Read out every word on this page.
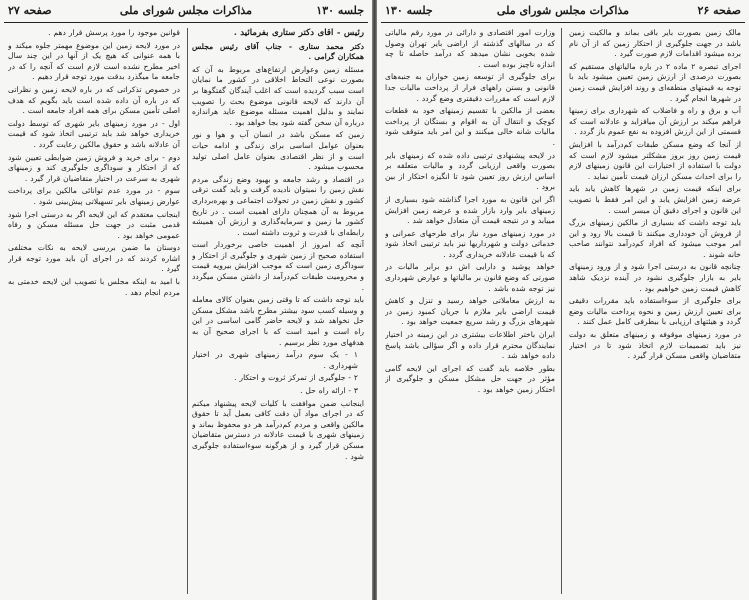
جلسه ۱۳۰
مذاکرات مجلس شورای ملی
صفحه ۲۷

رئیس - آقای دکتر ستاری بفرمائید .

دکتر محمد ستاری - جناب آقای رئیس مجلس همکاران گرامی .

مسئله زمین وعوارض ارتفاع‌های مربوط به آن که بصورت نوعی التحاط اخلاقی در کشور ما نمایان است سبب گردیده است که اغلب آیندگان گفتگوها بر آن دارند که لایحه قانونی موضوع بحث را تصویب نمایند و بدلیل اهمیت مسئله موضوع عاید هراندازه درباره آن سخن گفته شود بجا خواهد بود .

زمین که مسکن باشد در انسان آب و هوا و نور بعنوان عوامل اساسی برای زندگی و ادامه حیات است و از نظر اقتصادی بعنوان عامل اصلی تولید محسوب میشود .

در اقتصاد و رشد جامعه و بهبود وضع زندگی مردم نقش زمین را نمیتوان نادیده گرفت و باید گفت ترقی کشور و نقش زمین در تحولات اجتماعی و بهره‌برداری مربوط به آن همچنان دارای اهمیت است . در تاریخ کشور ما زمین و سرمایه‌گذاری و ارزش آن همیشه رابطه‌ای با قدرت و ثروت داشته است .

آنچه که امروز از اهمیت خاصی برخوردار است استفاده صحیح از زمین شهری و جلوگیری از احتکار و سوداگری زمین است که موجب افزایش بیرویه قیمت و محرومیت طبقات کم‌درآمد از داشتن مسکن میگردد .

باید توجه داشت که تا وقتی زمین بعنوان کالای معامله و وسیله کسب سود بیشتر مطرح باشد مشکل مسکن حل نخواهد شد و لایحه حاضر گامی اساسی در این راه است و امید است که با اجرای صحیح آن به هدفهای مورد نظر برسیم .

۱ - یک سوم درآمد زمینهای شهری در اختیار شهرداری .

۲ - جلوگیری از تمرکز ثروت و احتکار .

۳ - ارائه راه حل .

اینجانب ضمن موافقت با کلیات لایحه پیشنهاد میکنم که در اجرای مواد آن دقت کافی بعمل آید تا حقوق مالکین واقعی و مردم کم‌درآمد هر دو محفوظ بماند و زمینهای شهری با قیمت عادلانه در دسترس متقاضیان مسکن قرار گیرد و از هرگونه سوءاستفاده جلوگیری شود .

قوانین موجود را مورد پرسش قرار دهم .

در مورد لایحه زمین این موضوع مهمتر جلوه میکند و با همه عنوانی که هیچ یک از آنها در این چند سال اخیر مطرح نشده است لازم است که آنچه را که در جامعه ما میگذرد بدقت مورد توجه قرار دهیم .

در خصوص تذکراتی که در باره لایحه زمین و نظراتی که در باره آن داده شده است باید بگویم که هدف اصلی تأمین مسکن برای همه افراد جامعه است .

اول - در مورد زمینهای بایر شهری که توسط دولت خریداری خواهد شد باید ترتیبی اتخاذ شود که قیمت آن عادلانه باشد و حقوق مالکین رعایت گردد .

دوم - برای خرید و فروش زمین ضوابطی تعیین شود که از احتکار و سوداگری جلوگیری کند و زمینهای شهری به سرعت در اختیار متقاضیان قرار گیرد .

سوم - در مورد عدم توانائی مالکین برای پرداخت عوارض زمینهای بایر تسهیلاتی پیش‌بینی شود .

اینجانب معتقدم که این لایحه اگر به درستی اجرا شود قدمی مثبت در جهت حل مسئله مسکن و رفاه عمومی خواهد بود .

دوستان ما ضمن بررسی لایحه به نکات مختلفی اشاره کردند که در اجرای آن باید مورد توجه قرار گیرد .

با امید به اینکه مجلس با تصویب این لایحه خدمتی به مردم انجام دهد .

صفحه ۲۶
مذاکرات مجلس شورای ملی
جلسه ۱۳۰

مالک زمین بصورت بایر باقی بماند و مالکیت زمین باشد در جهت جلوگیری از احتکار زمین که از آن نام برده میشود اقدامات لازم صورت گیرد .

اجرای تبصره ۲ ماده ۲ در باره مالیاتهای مستقیم که بصورت درصدی از ارزش زمین تعیین میشود باید با توجه به قیمتهای منطقه‌ای و روند افزایش قیمت زمین در شهرها انجام گیرد .

آب و برق و راه و فاضلاب که شهرداری برای زمینها فراهم میکند بر ارزش آن میافزاید و عادلانه است که قسمتی از این ارزش افزوده به نفع عموم باز گردد .

از آنجا که وضع مسکن طبقات کم‌درآمد با افزایش قیمت زمین روز بروز مشکلتر میشود لازم است که دولت با استفاده از اختیارات این قانون زمینهای لازم را برای احداث مسکن ارزان قیمت تأمین نماید .

برای اینکه قیمت زمین در شهرها کاهش یابد باید عرضه زمین افزایش یابد و این امر فقط با تصویب این قانون و اجرای دقیق آن میسر است .

باید توجه داشت که بسیاری از مالکین زمینهای بزرگ از فروش آن خودداری میکنند تا قیمت بالا رود و این امر موجب میشود که افراد کم‌درآمد نتوانند صاحب خانه شوند .

چنانچه قانون به درستی اجرا شود و از ورود زمینهای بایر به بازار جلوگیری نشود در آینده نزدیک شاهد کاهش قیمت زمین خواهیم بود .

برای جلوگیری از سوءاستفاده باید مقررات دقیقی برای تعیین ارزش زمین و نحوه پرداخت مالیات وضع گردد و هیئتهای ارزیابی با بیطرفی کامل عمل کنند .

در مورد زمینهای موقوفه و زمینهای متعلق به دولت نیز باید تصمیمات لازم اتخاذ شود تا در اختیار متقاضیان واقعی مسکن قرار گیرد .

وزارت امور اقتصادی و دارائی در مورد رقم مالیاتی که در سالهای گذشته از اراضی بایر تهران وصول شده بخوبی نشان میدهد که درآمد حاصله تا چه اندازه ناچیز بوده است .

برای جلوگیری از توسعه زمین خواران به جنبه‌های قانونی و بستن راههای فرار از پرداخت مالیات جدا لازم است که مقررات دقیقتری وضع گردد .

بعضی از مالکین با تقسیم زمینهای خود به قطعات کوچک و انتقال آن به اقوام و بستگان از پرداخت مالیات شانه خالی میکنند و این امر باید متوقف شود .

در لایحه پیشنهادی ترتیبی داده شده که زمینهای بایر بصورت واقعی ارزیابی گردد و مالیات متعلقه بر اساس ارزش روز تعیین شود تا انگیزه احتکار از بین برود .

اگر این قانون به مورد اجرا گذاشته شود بسیاری از زمینهای بایر وارد بازار شده و عرضه زمین افزایش مییابد و در نتیجه قیمت آن متعادل خواهد شد .

در مورد زمینهای مورد نیاز برای طرحهای عمرانی و خدماتی دولت و شهرداریها نیز باید ترتیبی اتخاذ شود که با قیمت عادلانه خریداری گردد .

خواهد پوشید و دارایی اش دو برابر مالیات در صورتی که وضع قانون بر مالیاتها و عوارض شهرداری نیز توجه شده باشد .

به ارزش معاملاتی خواهد رسید و تنزل و کاهش قیمت اراضی بایر ملازم با جریان کمبود زمین در شهرهای بزرگ و رشد سریع جمعیت خواهد بود .

ایران باختر اطلاعات بیشتری در این زمینه در اختیار نمایندگان محترم قرار داده و اگر سؤالی باشد پاسخ داده خواهد شد .

بطور خلاصه باید گفت که اجرای این لایحه گامی مؤثر در جهت حل مشکل مسکن و جلوگیری از احتکار زمین خواهد بود .
